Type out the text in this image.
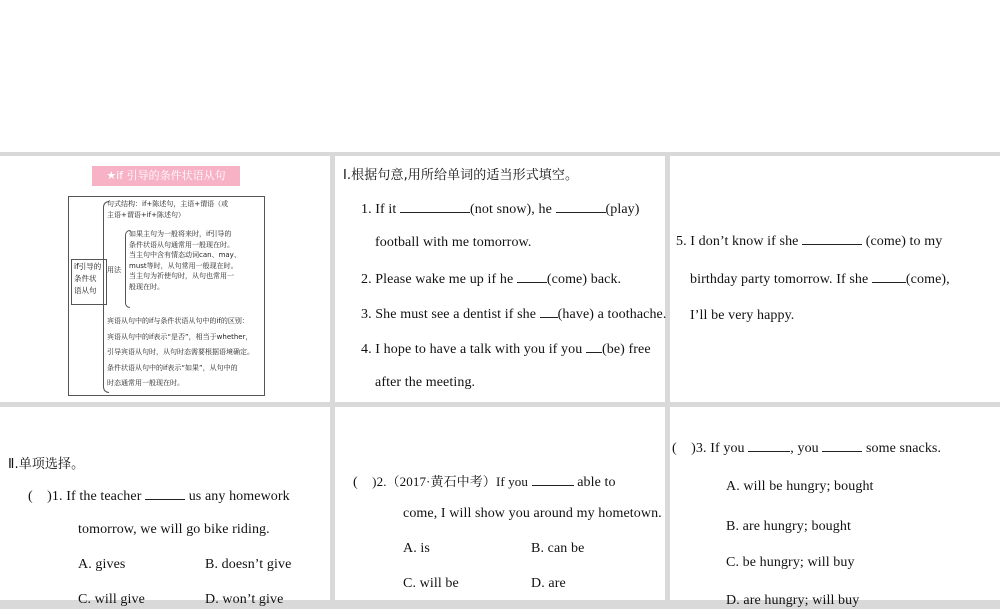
★if 引导的条件状语从句
if引导的
条件状
语从句
句式结构：if+陈述句，主语+谓语（或
主语+谓语+if+陈述句）
用法
如果主句为一般将来时，if引导的
条件状语从句通常用一般现在时。
当主句中含有情态动词can、may、
must等时，从句常用一般现在时。
当主句为祈使句时，从句也常用一
般现在时。
宾语从句中的if与条件状语从句中的if的区别：
宾语从句中的if表示“是否”，相当于whether，
引导宾语从句时，从句时态需要根据语境确定。
条件状语从句中的if表示“如果”，从句中的
时态通常用一般现在时。
Ⅰ.根据句意,用所给单词的适当形式填空。
1. If it	(not snow), he	(play)
football with me tomorrow.
2. Please wake me up if he (come) back.
3. She must see a dentist if she (have) a toothache.
4. I hope to have a talk with you if you (be) free
after the meeting.
5. I don’t know if she	(come) to my
birthday party tomorrow. If she	(come),
I’ll be very happy.
Ⅱ.单项选择。
( )1. If the teacher	us any homework
tomorrow, we will go bike riding.
A. gives	B. doesn’t give
C. will give	D. won’t give
( )2.（2017·黄石中考）If you	able to
come, I will show you around my hometown.
A. is	B. can be
C. will be	D. are
( )3. If you	, you	some snacks.
A. will be hungry; bought
B. are hungry; bought
C. be hungry; will buy
D. are hungry; will buy
